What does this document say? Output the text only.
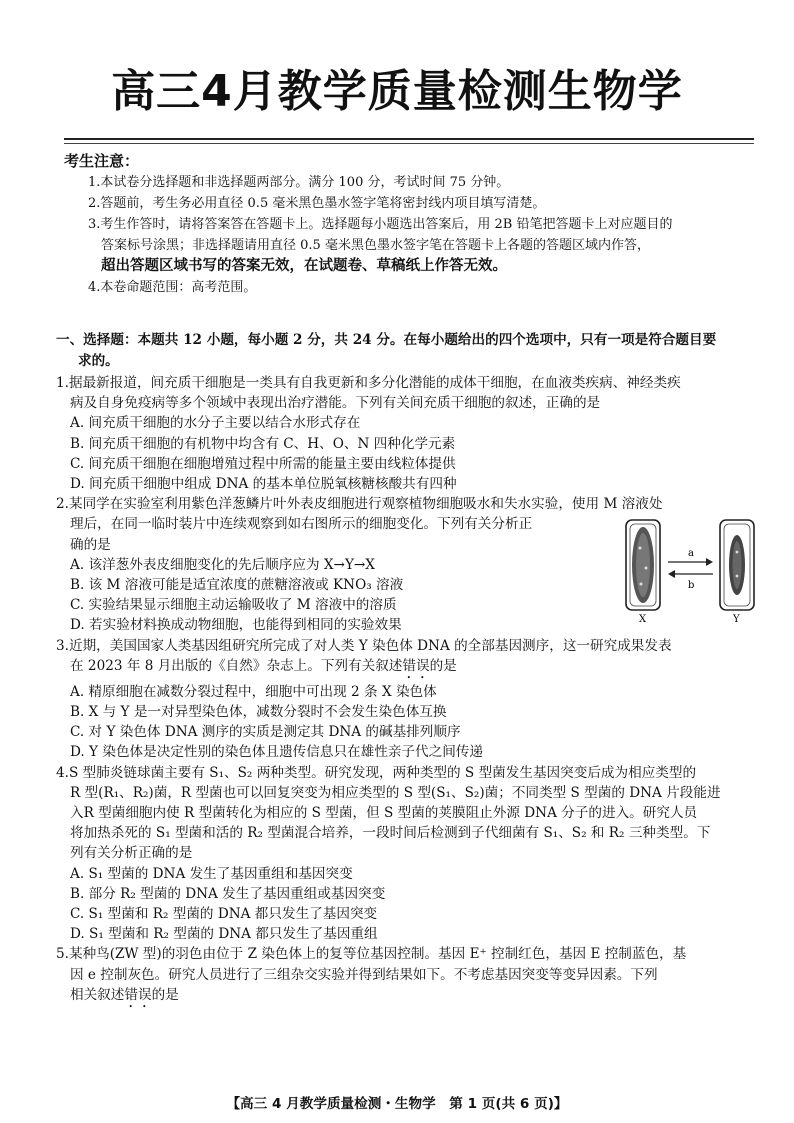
高三4月教学质量检测生物学
考生注意：

1.本试卷分选择题和非选择题两部分。满分 100 分，考试时间 75 分钟。

2.答题前，考生务必用直径 0.5 毫米黑色墨水签字笔将密封线内项目填写清楚。

3.考生作答时，请将答案答在答题卡上。选择题每小题选出答案后，用 2B 铅笔把答题卡上对应题目的

答案标号涂黑；非选择题请用直径 0.5 毫米黑色墨水签字笔在答题卡上各题的答题区域内作答，

超出答题区域书写的答案无效，在试题卷、草稿纸上作答无效。

4.本卷命题范围：高考范围。

一、选择题：本题共 12 小题，每小题 2 分，共 24 分。在每小题给出的四个选项中，只有一项是符合题目要
求的。
1.据最新报道，间充质干细胞是一类具有自我更新和多分化潜能的成体干细胞，在血液类疾病、神经类疾
病及自身免疫病等多个领域中表现出治疗潜能。下列有关间充质干细胞的叙述，正确的是
A. 间充质干细胞的水分子主要以结合水形式存在
B. 间充质干细胞的有机物中均含有 C、H、O、N 四种化学元素
C. 间充质干细胞在细胞增殖过程中所需的能量主要由线粒体提供
D. 间充质干细胞中组成 DNA 的基本单位脱氧核糖核酸共有四种
2.某同学在实验室利用紫色洋葱鳞片叶外表皮细胞进行观察植物细胞吸水和失水实验，使用 M 溶液处
理后，在同一临时装片中连续观察到如右图所示的细胞变化。下列有关分析正
确的是
A. 该洋葱外表皮细胞变化的先后顺序应为 X→Y→X
B. 该 M 溶液可能是适宜浓度的蔗糖溶液或 KNO₃ 溶液
C. 实验结果显示细胞主动运输吸收了 M 溶液中的溶质
D. 若实验材料换成动物细胞，也能得到相同的实验效果
3.近期，美国国家人类基因组研究所完成了对人类 Y 染色体 DNA 的全部基因测序，这一研究成果发表
在 2023 年 8 月出版的《自然》杂志上。下列有关叙述错误的是
A. 精原细胞在减数分裂过程中，细胞中可出现 2 条 X 染色体
B. X 与 Y 是一对异型染色体，减数分裂时不会发生染色体互换
C. 对 Y 染色体 DNA 测序的实质是测定其 DNA 的碱基排列顺序
D. Y 染色体是决定性别的染色体且遗传信息只在雄性亲子代之间传递
4.S 型肺炎链球菌主要有 S₁、S₂ 两种类型。研究发现，两种类型的 S 型菌发生基因突变后成为相应类型的
R 型(R₁、R₂)菌，R 型菌也可以回复突变为相应类型的 S 型(S₁、S₂)菌；不同类型 S 型菌的 DNA 片段能进
入R 型菌细胞内使 R 型菌转化为相应的 S 型菌，但 S 型菌的荚膜阻止外源 DNA 分子的进入。研究人员
将加热杀死的 S₁ 型菌和活的 R₂ 型菌混合培养，一段时间后检测到子代细菌有 S₁、S₂ 和 R₂ 三种类型。下
列有关分析正确的是
A. S₁ 型菌的 DNA 发生了基因重组和基因突变
B. 部分 R₂ 型菌的 DNA 发生了基因重组或基因突变
C. S₁ 型菌和 R₂ 型菌的 DNA 都只发生了基因突变
D. S₁ 型菌和 R₂ 型菌的 DNA 都只发生了基因重组
5.某种鸟(ZW 型)的羽色由位于 Z 染色体上的复等位基因控制。基因 E⁺ 控制红色，基因 E 控制蓝色，基
因 e 控制灰色。研究人员进行了三组杂交实验并得到结果如下。不考虑基因突变等变异因素。下列
相关叙述错误的是
a
b
X	Y
【高三 4 月教学质量检测・生物学　第 1 页(共 6 页)】
